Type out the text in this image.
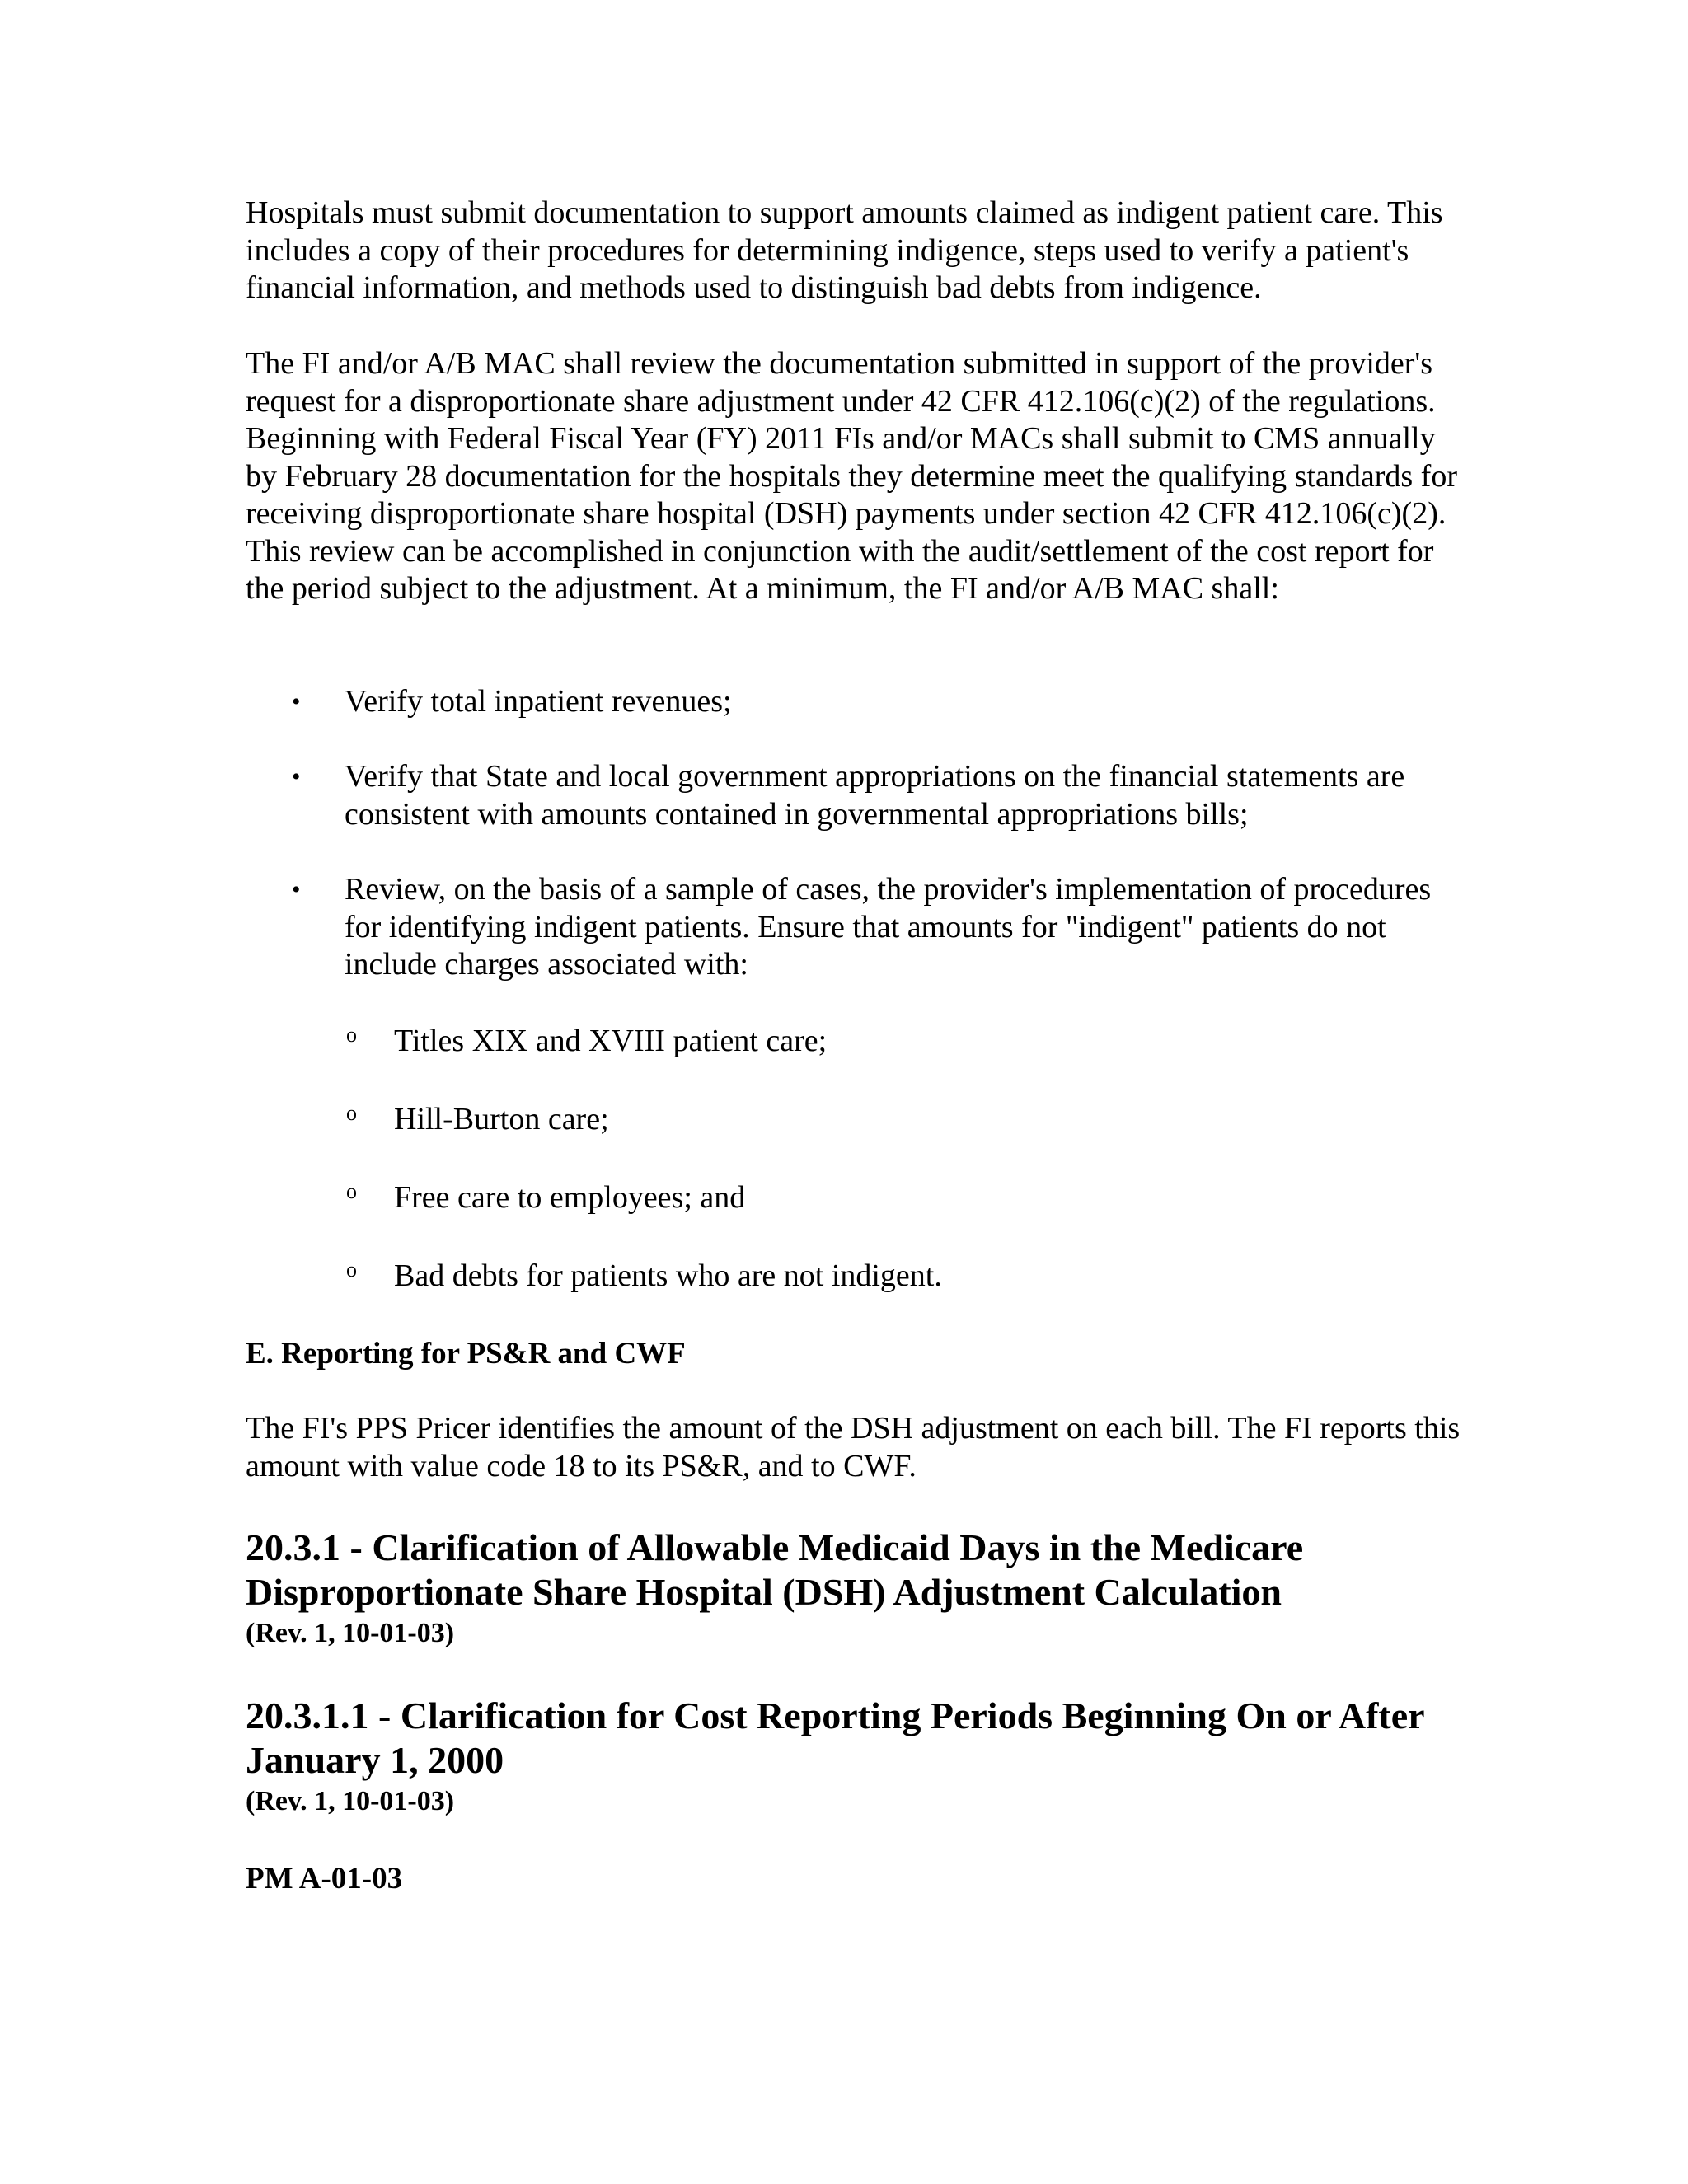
Hospitals must submit documentation to support amounts claimed as indigent patient care. This includes a copy of their procedures for determining indigence, steps used to verify a patient's financial information, and methods used to distinguish bad debts from indigence.

The FI and/or A/B MAC shall review the documentation submitted in support of the provider's request for a disproportionate share adjustment under 42 CFR 412.106(c)(2) of the regulations. Beginning with Federal Fiscal Year (FY) 2011 FIs and/or MACs shall submit to CMS annually by February 28 documentation for the hospitals they determine meet the qualifying standards for receiving disproportionate share hospital (DSH) payments under section 42 CFR 412.106(c)(2). This review can be accomplished in conjunction with the audit/settlement of the cost report for the period subject to the adjustment. At a minimum, the FI and/or A/B MAC shall:

• Verify total inpatient revenues;
• Verify that State and local government appropriations on the financial statements are consistent with amounts contained in governmental appropriations bills;
• Review, on the basis of a sample of cases, the provider's implementation of procedures for identifying indigent patients. Ensure that amounts for "indigent" patients do not include charges associated with:
o Titles XIX and XVIII patient care;
o Hill-Burton care;
o Free care to employees; and
o Bad debts for patients who are not indigent.
E. Reporting for PS&R and CWF

The FI's PPS Pricer identifies the amount of the DSH adjustment on each bill. The FI reports this amount with value code 18 to its PS&R, and to CWF.

20.3.1 - Clarification of Allowable Medicaid Days in the Medicare Disproportionate Share Hospital (DSH) Adjustment Calculation
(Rev. 1, 10-01-03)
20.3.1.1 - Clarification for Cost Reporting Periods Beginning On or After January 1, 2000
(Rev. 1, 10-01-03)
PM A-01-03
